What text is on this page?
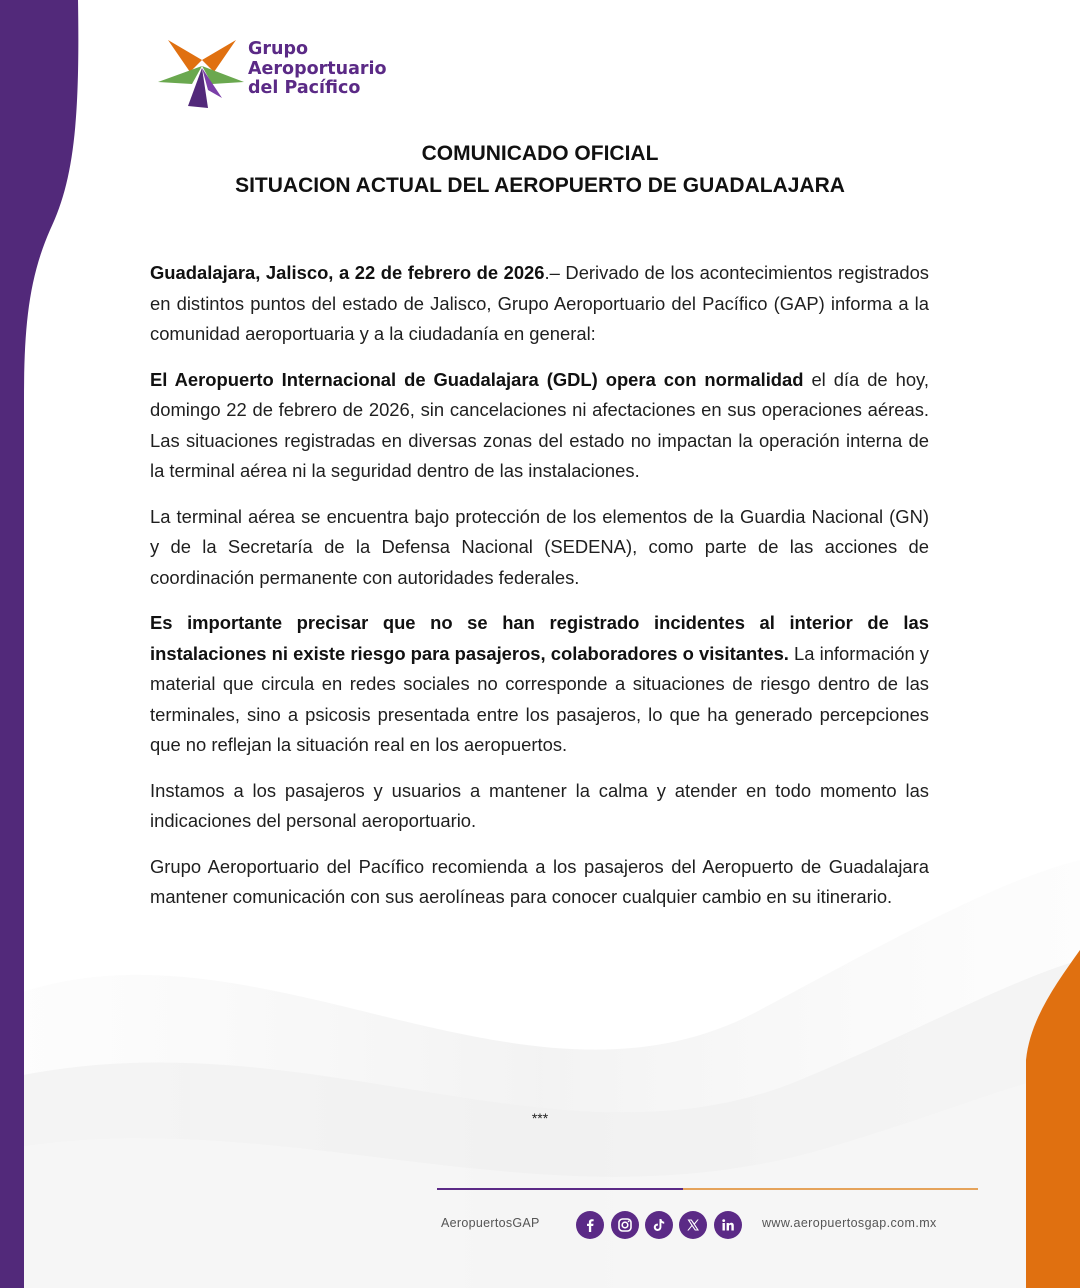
Grupo
Aeroportuario
del Pacífico
COMUNICADO OFICIAL
SITUACION ACTUAL DEL AEROPUERTO DE GUADALAJARA

Guadalajara, Jalisco, a 22 de febrero de 2026.– Derivado de los acontecimientos registrados en distintos puntos del estado de Jalisco, Grupo Aeroportuario del Pacífico (GAP) informa a la comunidad aeroportuaria y a la ciudadanía en general:

El Aeropuerto Internacional de Guadalajara (GDL) opera con normalidad el día de hoy, domingo 22 de febrero de 2026, sin cancelaciones ni afectaciones en sus operaciones aéreas. Las situaciones registradas en diversas zonas del estado no impactan la operación interna de la terminal aérea ni la seguridad dentro de las instalaciones.

La terminal aérea se encuentra bajo protección de los elementos de la Guardia Nacional (GN) y de la Secretaría de la Defensa Nacional (SEDENA), como parte de las acciones de coordinación permanente con autoridades federales.

Es importante precisar que no se han registrado incidentes al interior de las instalaciones ni existe riesgo para pasajeros, colaboradores o visitantes. La información y material que circula en redes sociales no corresponde a situaciones de riesgo dentro de las terminales, sino a psicosis presentada entre los pasajeros, lo que ha generado percepciones que no reflejan la situación real en los aeropuertos.

Instamos a los pasajeros y usuarios a mantener la calma y atender en todo momento las indicaciones del personal aeroportuario.

Grupo Aeroportuario del Pacífico recomienda a los pasajeros del Aeropuerto de Guadalajara mantener comunicación con sus aerolíneas para conocer cualquier cambio en su itinerario.

***
AeropuertosGAP	www.aeropuertosgap.com.mx
